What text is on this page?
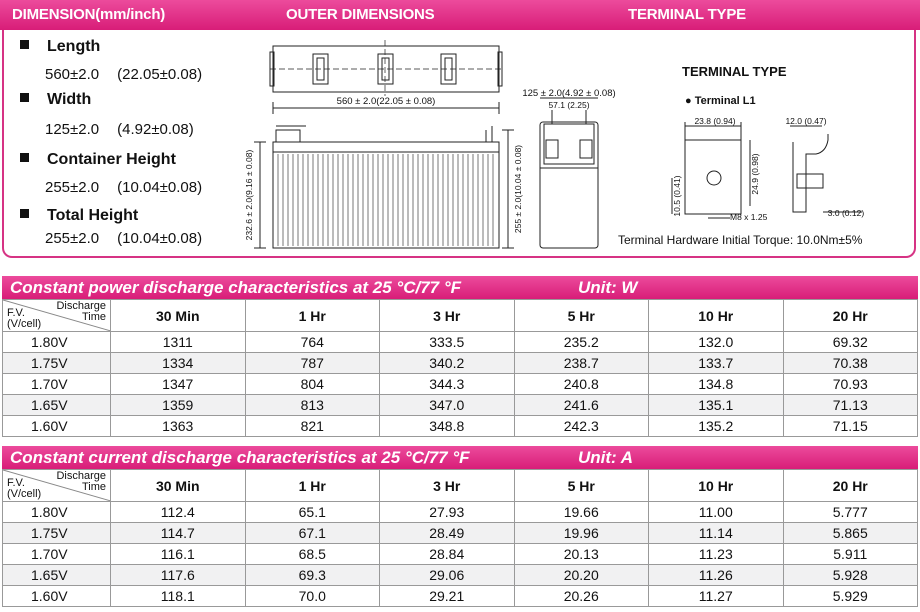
DIMENSION(mm/inch)	OUTER DIMENSIONS	TERMINAL TYPE
Length
560±2.0 (22.05±0.08)
Width
125±2.0 (4.92±0.08)
Container Height
255±2.0 (10.04±0.08)
Total Height
255±2.0 (10.04±0.08)
560 ± 2.0(22.05 ± 0.08)
125 ± 2.0(4.92 ± 0.08)
57.1 (2.25)
232.6 ± 2.0(9.16 ± 0.08)	255 ± 2.0(10.04 ± 0.08)
TERMINAL TYPE
● Terminal L1
23.8 (0.94)
24.9 (0.98)
10.5 (0.41)
M8 x 1.25
12.0 (0.47)
3.0 (0.12)
Terminal Hardware Initial Torque: 10.0Nm±5%
Constant power discharge characteristics at 25 °C/77 °F	Unit: W
Discharge
Time
F.V.
(V/cell)	30 Min	1 Hr	3 Hr	5 Hr	10 Hr	20 Hr
1.80V	1311	764	333.5	235.2	132.0	69.32
1.75V	1334	787	340.2	238.7	133.7	70.38
1.70V	1347	804	344.3	240.8	134.8	70.93
1.65V	1359	813	347.0	241.6	135.1	71.13
1.60V	1363	821	348.8	242.3	135.2	71.15
Constant current discharge characteristics at 25 °C/77 °F	Unit: A
Discharge
Time
F.V.
(V/cell)	30 Min	1 Hr	3 Hr	5 Hr	10 Hr	20 Hr
1.80V	112.4	65.1	27.93	19.66	11.00	5.777
1.75V	114.7	67.1	28.49	19.96	11.14	5.865
1.70V	116.1	68.5	28.84	20.13	11.23	5.911
1.65V	117.6	69.3	29.06	20.20	11.26	5.928
1.60V	118.1	70.0	29.21	20.26	11.27	5.929
